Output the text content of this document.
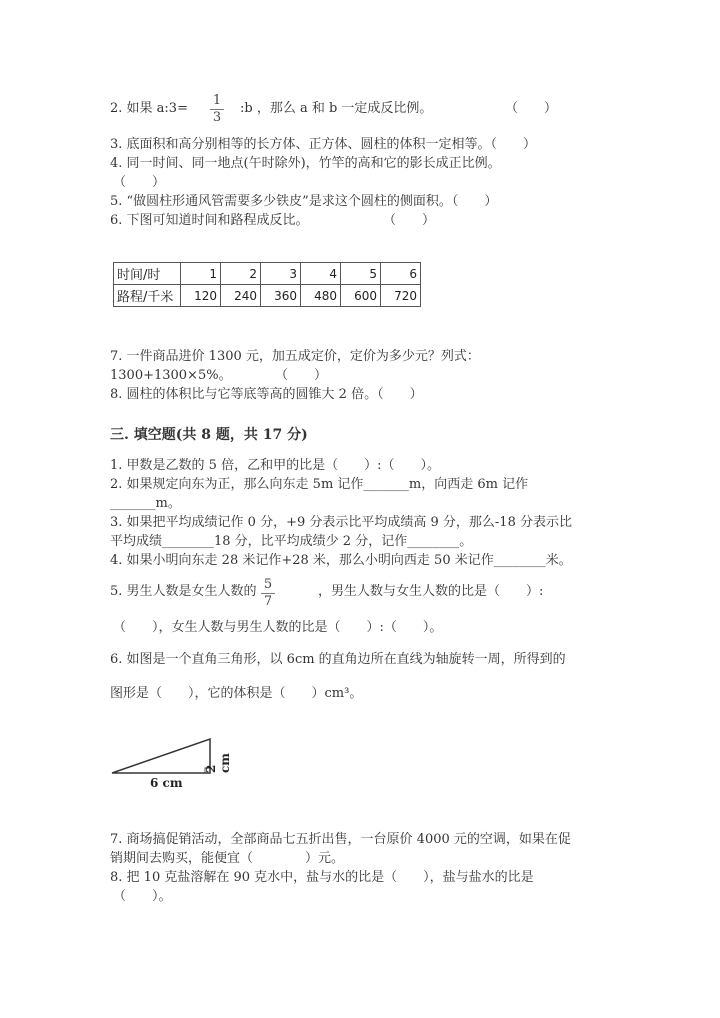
2. 如果 a:3=
1
3
:b ，那么 a 和 b 一定成反比例。	（　　）
3. 底面积和高分别相等的长方体、正方体、圆柱的体积一定相等。（　　）
4. 同一时间、同一地点(午时除外)，竹竿的高和它的影长成正比例。
（　　）
5. “做圆柱形通风管需要多少铁皮”是求这个圆柱的侧面积。（　　）
6. 下图可知道时间和路程成反比。	（　　）
时间/时	1	2	3	4	5	6
路程/千米	120	240	360	480	600	720
7. 一件商品进价 1300 元，加五成定价，定价为多少元？列式：
1300+1300×5%。	（　　）
8. 圆柱的体积比与它等底等高的圆锥大 2 倍。（　　）
三. 填空题(共 8 题，共 17 分)
1. 甲数是乙数的 5 倍，乙和甲的比是（　　）:（　　）。
2. 如果规定向东为正，那么向东走 5m 记作_______m，向西走 6m 记作
_______m。
3. 如果把平均成绩记作 0 分，+9 分表示比平均成绩高 9 分，那么-18 分表示比
平均成绩________18 分，比平均成绩少 2 分，记作________。
4. 如果小明向东走 28 米记作+28 米，那么小明向西走 50 米记作________米。
5. 男生人数是女生人数的 5
7
，男生人数与女生人数的比是（　　）:
（　　），女生人数与男生人数的比是（　　）:（　　）。
6. 如图是一个直角三角形，以 6cm 的直角边所在直线为轴旋转一周，所得到的
图形是（　　），它的体积是（　　）cm³。
6 cm
2 cm
7. 商场搞促销活动，全部商品七五折出售，一台原价 4000 元的空调，如果在促
销期间去购买，能便宜（　　　　）元。
8. 把 10 克盐溶解在 90 克水中，盐与水的比是（　　），盐与盐水的比是
（　　）。
